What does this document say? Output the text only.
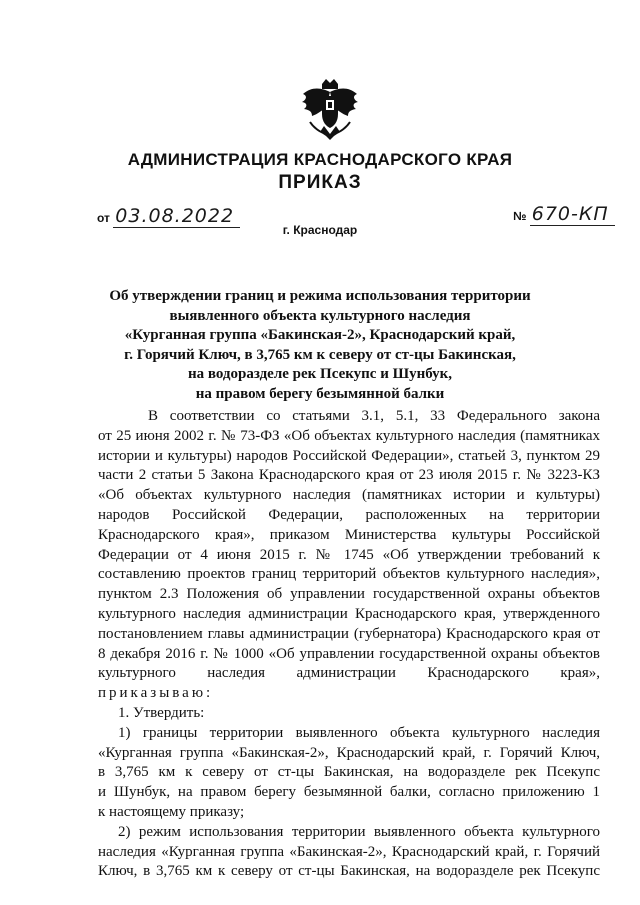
АДМИНИСТРАЦИЯ КРАСНОДАРСКОГО КРАЯ
ПРИКАЗ
от 03.08.2022	№ 670-КП
г. Краснодар
Об утверждении границ и режима использования территории
выявленного объекта культурного наследия
«Курганная группа «Бакинская-2», Краснодарский край,
г. Горячий Ключ, в 3,765 км к северу от ст-цы Бакинская,
на водоразделе рек Псекупс и Шунбук,
на правом берегу безымянной балки
В соответствии со статьями 3.1, 5.1, 33 Федерального закона
от 25 июня 2002 г. № 73-ФЗ «Об объектах культурного наследия (памятниках
истории и культуры) народов Российской Федерации», статьей 3, пунктом 29
части 2 статьи 5 Закона Краснодарского края от 23 июля 2015 г. № 3223-КЗ
«Об объектах культурного наследия (памятниках истории и культуры)
народов Российской Федерации, расположенных на территории
Краснодарского края», приказом Министерства культуры Российской
Федерации от 4 июня 2015 г. № 1745 «Об утверждении требований к
составлению проектов границ территорий объектов культурного наследия»,
пунктом 2.3 Положения об управлении государственной охраны объектов
культурного наследия администрации Краснодарского края, утвержденного
постановлением главы администрации (губернатора) Краснодарского края от
8 декабря 2016 г. № 1000 «Об управлении государственной охраны объектов
культурного наследия администрации Краснодарского края»,
приказываю:
1. Утвердить:
1) границы территории выявленного объекта культурного наследия
«Курганная группа «Бакинская-2», Краснодарский край, г. Горячий Ключ,
в 3,765 км к северу от ст-цы Бакинская, на водоразделе рек Псекупс
и Шунбук, на правом берегу безымянной балки, согласно приложению 1
к настоящему приказу;
2) режим использования территории выявленного объекта культурного
наследия «Курганная группа «Бакинская-2», Краснодарский край, г. Горячий
Ключ, в 3,765 км к северу от ст-цы Бакинская, на водоразделе рек Псекупс
